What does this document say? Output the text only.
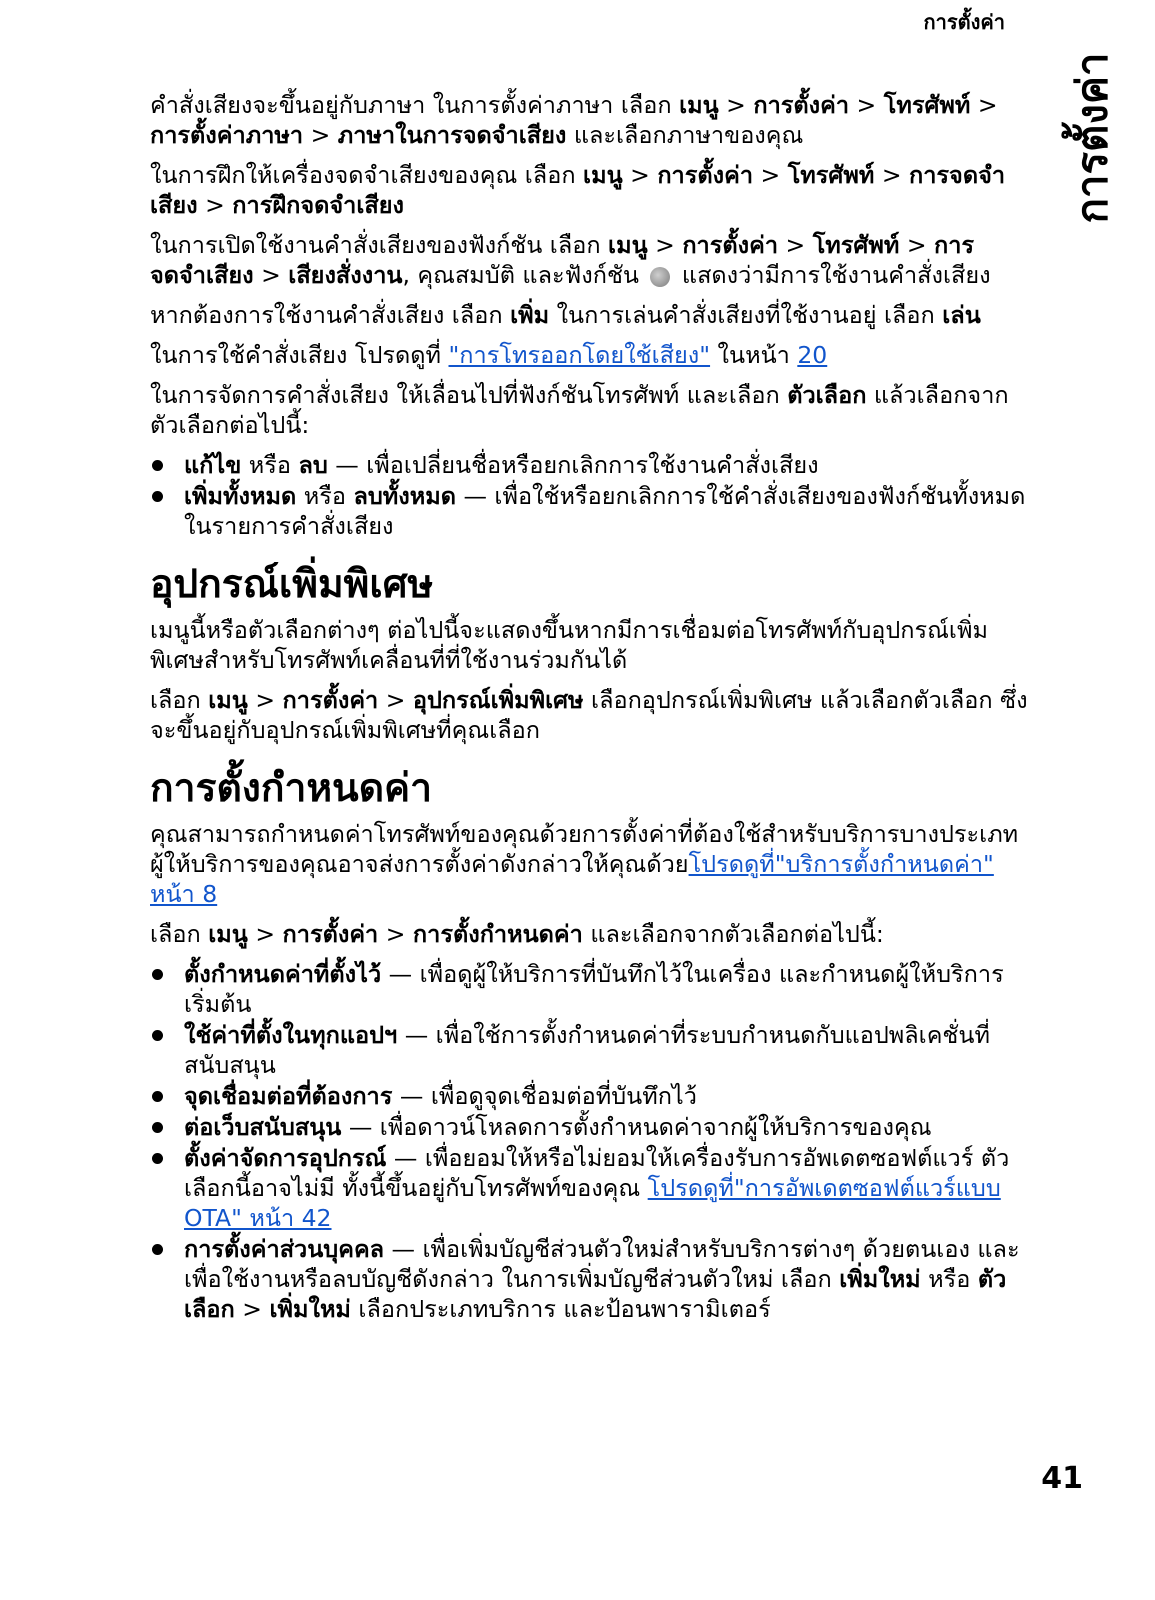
การตั้งค่า
การตั้งค่า

คำสั่งเสียงจะขึ้นอยู่กับภาษา ในการตั้งค่าภาษา เลือก เมนู > การตั้งค่า > โทรศัพท์ > การตั้งค่าภาษา > ภาษาในการจดจำเสียง และเลือกภาษาของคุณ

ในการฝึกให้เครื่องจดจำเสียงของคุณ เลือก เมนู > การตั้งค่า > โทรศัพท์ > การจดจำเสียง > การฝึกจดจำเสียง

ในการเปิดใช้งานคำสั่งเสียงของฟังก์ชัน เลือก เมนู > การตั้งค่า > โทรศัพท์ > การจดจำเสียง > เสียงสั่งงาน, คุณสมบัติ และฟังก์ชัน แสดงว่ามีการใช้งานคำสั่งเสียง

หากต้องการใช้งานคำสั่งเสียง เลือก เพิ่ม ในการเล่นคำสั่งเสียงที่ใช้งานอยู่ เลือก เล่น

ในการใช้คำสั่งเสียง โปรดดูที่ "การโทรออกโดยใช้เสียง" ในหน้า 20

ในการจัดการคำสั่งเสียง ให้เลื่อนไปที่ฟังก์ชันโทรศัพท์ และเลือก ตัวเลือก แล้วเลือกจากตัวเลือกต่อไปนี้:

แก้ไข หรือ ลบ — เพื่อเปลี่ยนชื่อหรือยกเลิกการใช้งานคำสั่งเสียง
เพิ่มทั้งหมด หรือ ลบทั้งหมด — เพื่อใช้หรือยกเลิกการใช้คำสั่งเสียงของฟังก์ชันทั้งหมดในรายการคำสั่งเสียง
อุปกรณ์เพิ่มพิเศษ

เมนูนี้หรือตัวเลือกต่างๆ ต่อไปนี้จะแสดงขึ้นหากมีการเชื่อมต่อโทรศัพท์กับอุปกรณ์เพิ่มพิเศษสำหรับโทรศัพท์เคลื่อนที่ที่ใช้งานร่วมกันได้

เลือก เมนู > การตั้งค่า > อุปกรณ์เพิ่มพิเศษ เลือกอุปกรณ์เพิ่มพิเศษ แล้วเลือกตัวเลือก ซึ่งจะขึ้นอยู่กับอุปกรณ์เพิ่มพิเศษที่คุณเลือก

การตั้งกำหนดค่า

คุณสามารถกำหนดค่าโทรศัพท์ของคุณด้วยการตั้งค่าที่ต้องใช้สำหรับบริการบางประเภท ผู้ให้บริการของคุณอาจส่งการตั้งค่าดังกล่าวให้คุณด้วยโปรดดูที่"บริการตั้งกำหนดค่า" หน้า 8

เลือก เมนู > การตั้งค่า > การตั้งกำหนดค่า และเลือกจากตัวเลือกต่อไปนี้:

ตั้งกำหนดค่าที่ตั้งไว้ — เพื่อดูผู้ให้บริการที่บันทึกไว้ในเครื่อง และกำหนดผู้ให้บริการเริ่มต้น
ใช้ค่าที่ตั้งในทุกแอปฯ — เพื่อใช้การตั้งกำหนดค่าที่ระบบกำหนดกับแอปพลิเคชั่นที่สนับสนุน
จุดเชื่อมต่อที่ต้องการ — เพื่อดูจุดเชื่อมต่อที่บันทึกไว้
ต่อเว็บสนับสนุน — เพื่อดาวน์โหลดการตั้งกำหนดค่าจากผู้ให้บริการของคุณ
ตั้งค่าจัดการอุปกรณ์ — เพื่อยอมให้หรือไม่ยอมให้เครื่องรับการอัพเดตซอฟต์แวร์ ตัวเลือกนี้อาจไม่มี ทั้งนี้ขึ้นอยู่กับโทรศัพท์ของคุณ โปรดดูที่"การอัพเดตซอฟต์แวร์แบบ OTA" หน้า 42
การตั้งค่าส่วนบุคคล — เพื่อเพิ่มบัญชีส่วนตัวใหม่สำหรับบริการต่างๆ ด้วยตนเอง และเพื่อใช้งานหรือลบบัญชีดังกล่าว ในการเพิ่มบัญชีส่วนตัวใหม่ เลือก เพิ่มใหม่ หรือ ตัวเลือก > เพิ่มใหม่ เลือกประเภทบริการ และป้อนพารามิเตอร์
41
